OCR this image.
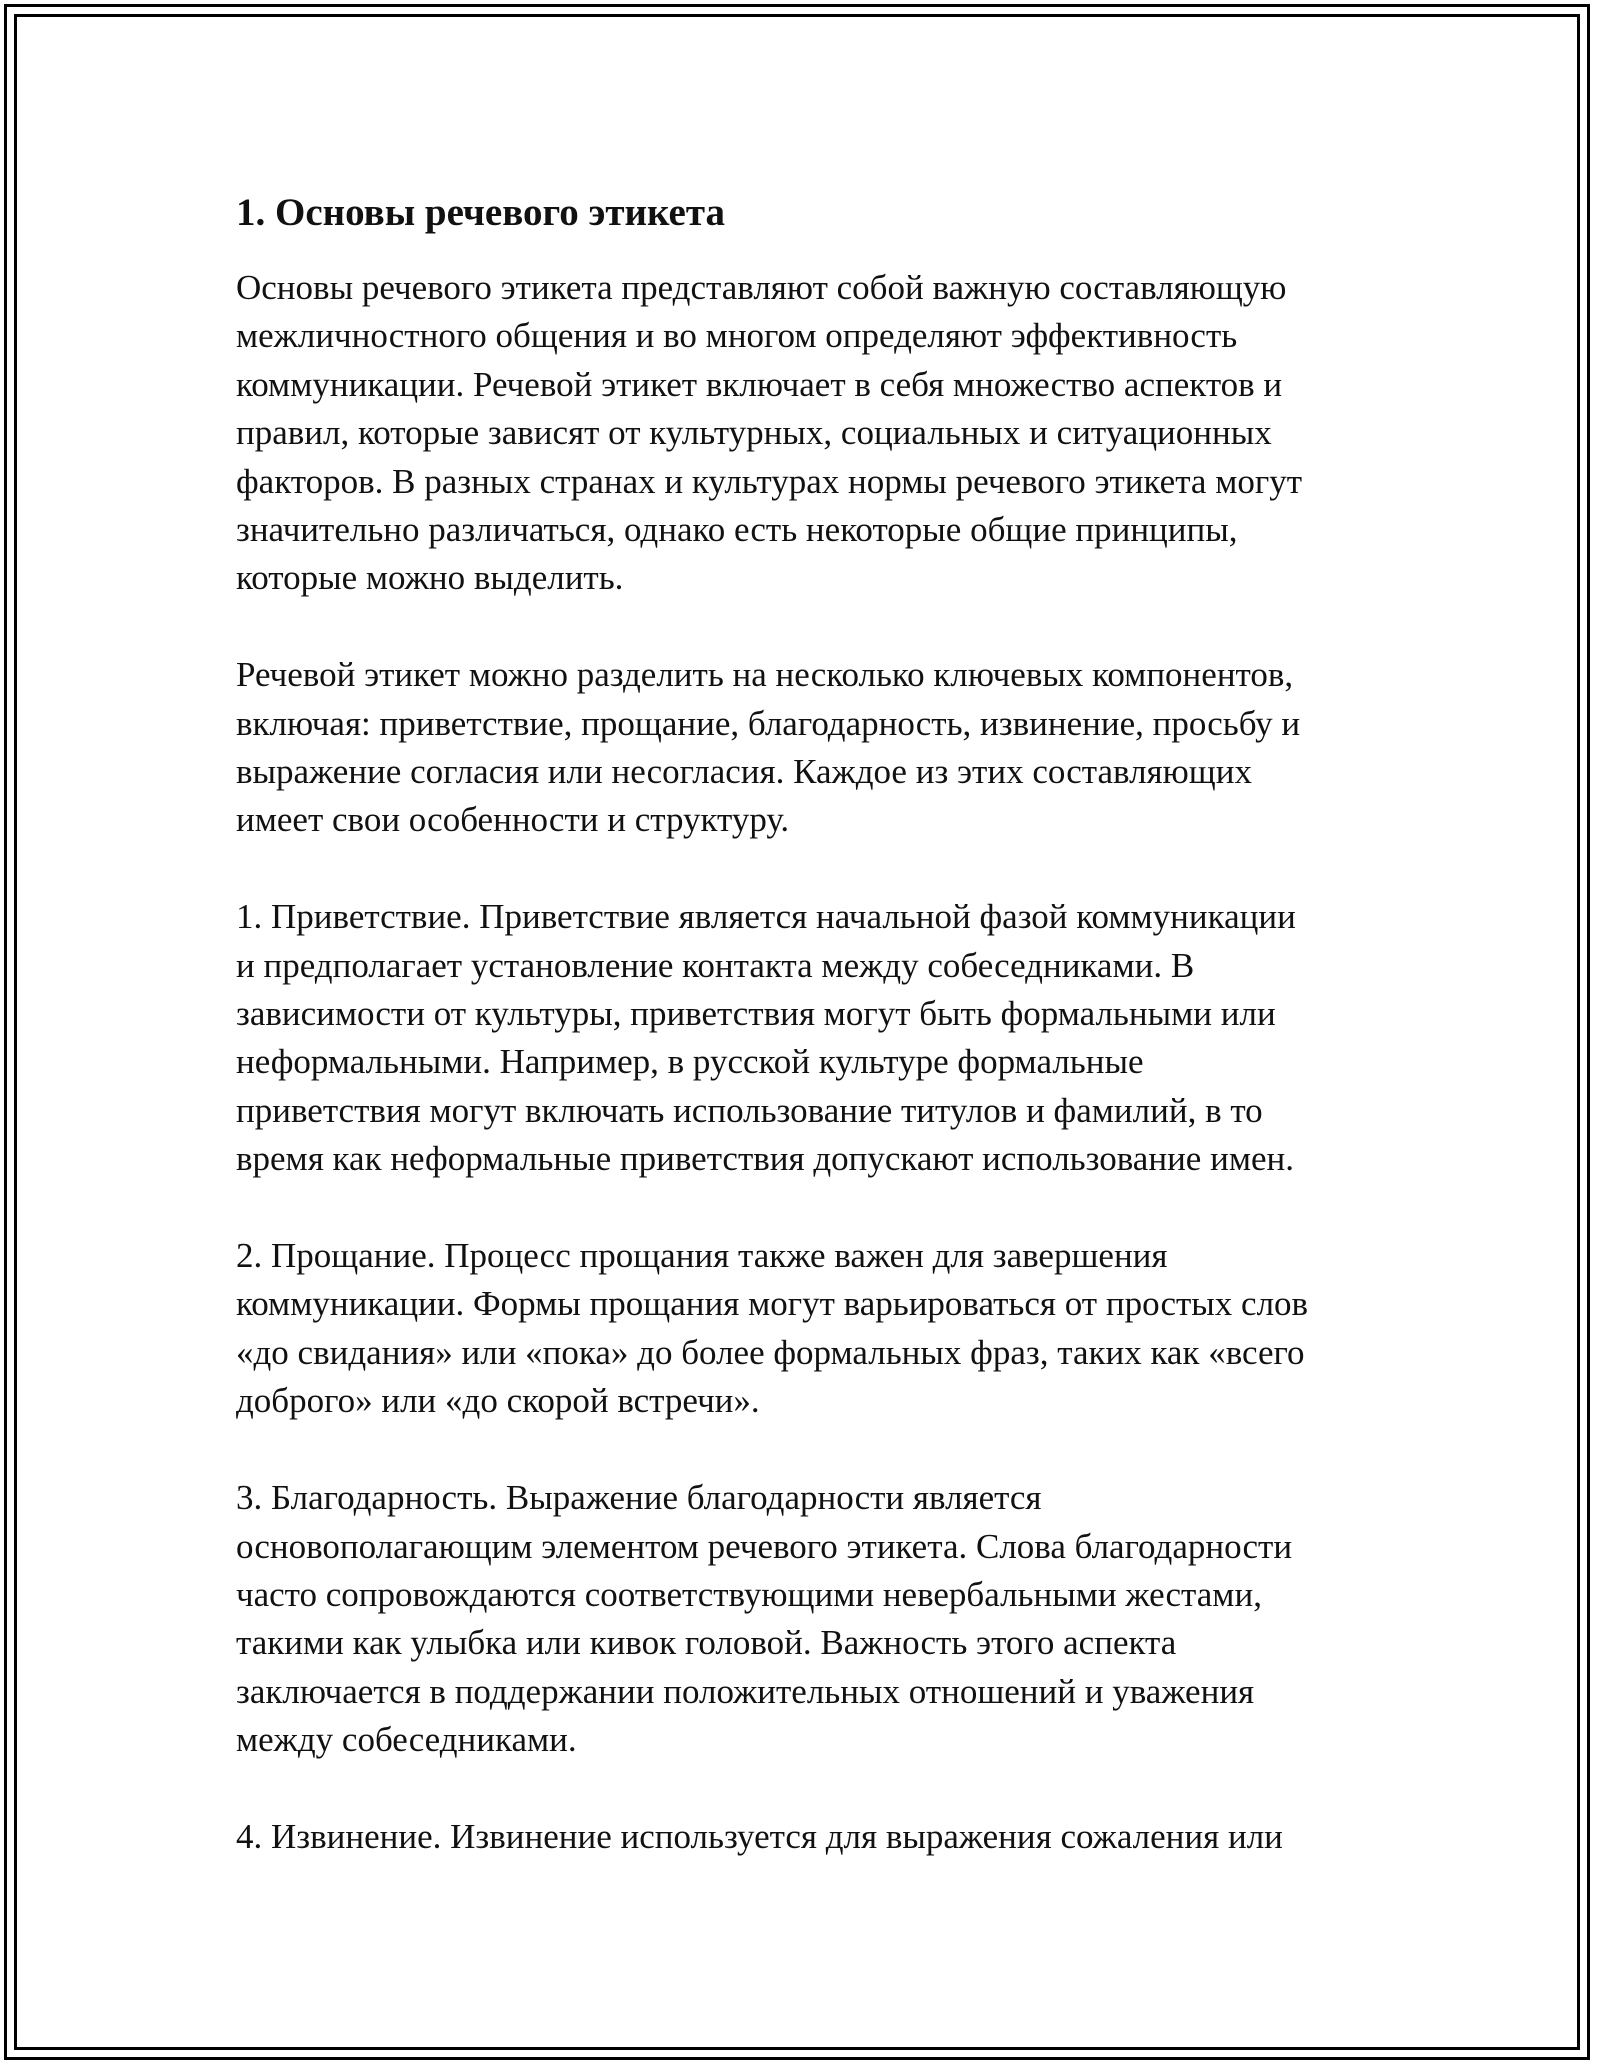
1. Основы речевого этикета
Основы речевого этикета представляют собой важную составляющую
межличностного общения и во многом определяют эффективность
коммуникации. Речевой этикет включает в себя множество аспектов и
правил, которые зависят от культурных, социальных и ситуационных
факторов. В разных странах и культурах нормы речевого этикета могут
значительно различаться, однако есть некоторые общие принципы,
которые можно выделить.
Речевой этикет можно разделить на несколько ключевых компонентов,
включая: приветствие, прощание, благодарность, извинение, просьбу и
выражение согласия или несогласия. Каждое из этих составляющих
имеет свои особенности и структуру.
1. Приветствие. Приветствие является начальной фазой коммуникации
и предполагает установление контакта между собеседниками. В
зависимости от культуры, приветствия могут быть формальными или
неформальными. Например, в русской культуре формальные
приветствия могут включать использование титулов и фамилий, в то
время как неформальные приветствия допускают использование имен.
2. Прощание. Процесс прощания также важен для завершения
коммуникации. Формы прощания могут варьироваться от простых слов
«до свидания» или «пока» до более формальных фраз, таких как «всего
доброго» или «до скорой встречи».
3. Благодарность. Выражение благодарности является
основополагающим элементом речевого этикета. Слова благодарности
часто сопровождаются соответствующими невербальными жестами,
такими как улыбка или кивок головой. Важность этого аспекта
заключается в поддержании положительных отношений и уважения
между собеседниками.
4. Извинение. Извинение используется для выражения сожаления или
